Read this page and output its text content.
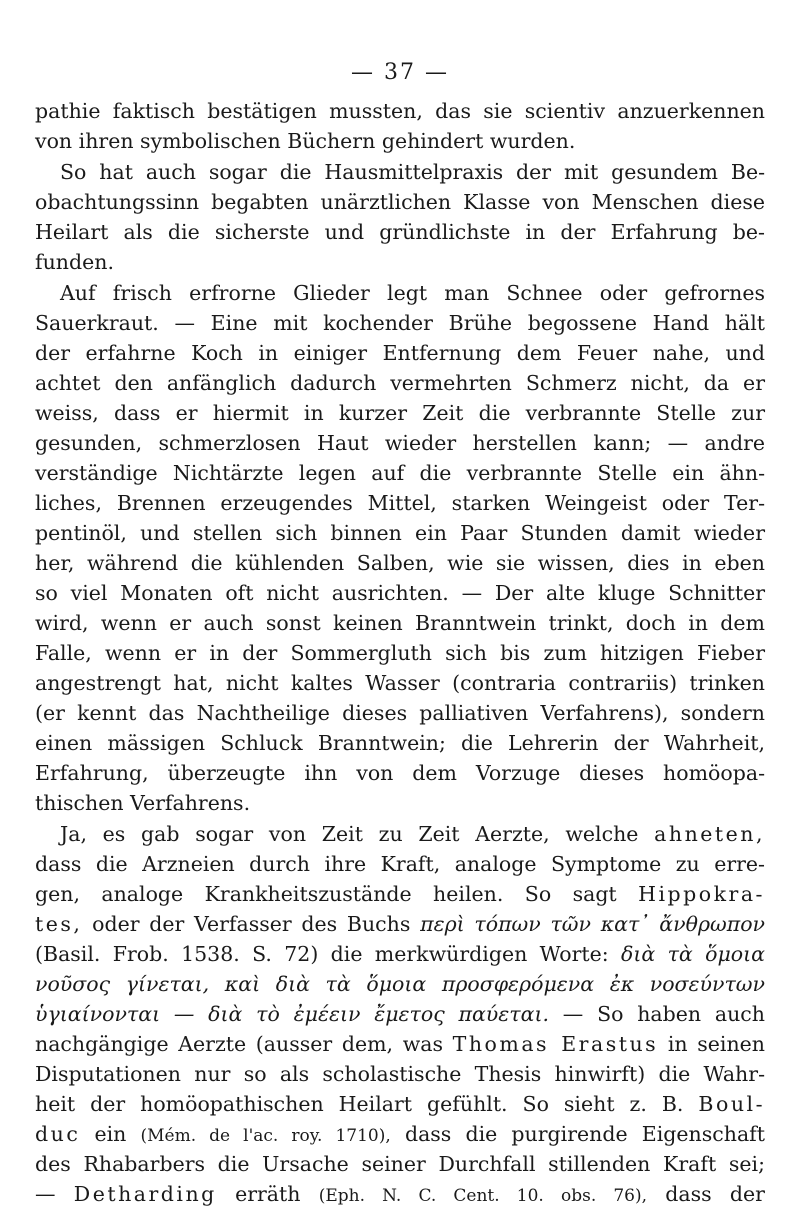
— 37 —
pathie faktisch bestätigen mussten, das sie scientiv anzuerkennen
von ihren symbolischen Büchern gehindert wurden.
So hat auch sogar die Hausmittelpraxis der mit gesundem Be-
obachtungssinn begabten unärztlichen Klasse von Menschen diese
Heilart als die sicherste und gründlichste in der Erfahrung be-
funden.
Auf frisch erfrorne Glieder legt man Schnee oder gefrornes
Sauerkraut. — Eine mit kochender Brühe begossene Hand hält
der erfahrne Koch in einiger Entfernung dem Feuer nahe, und
achtet den anfänglich dadurch vermehrten Schmerz nicht, da er
weiss, dass er hiermit in kurzer Zeit die verbrannte Stelle zur
gesunden, schmerzlosen Haut wieder herstellen kann; — andre
verständige Nichtärzte legen auf die verbrannte Stelle ein ähn-
liches, Brennen erzeugendes Mittel, starken Weingeist oder Ter-
pentinöl, und stellen sich binnen ein Paar Stunden damit wieder
her, während die kühlenden Salben, wie sie wissen, dies in eben
so viel Monaten oft nicht ausrichten. — Der alte kluge Schnitter
wird, wenn er auch sonst keinen Branntwein trinkt, doch in dem
Falle, wenn er in der Sommergluth sich bis zum hitzigen Fieber
angestrengt hat, nicht kaltes Wasser (contraria contrariis) trinken
(er kennt das Nachtheilige dieses palliativen Verfahrens), sondern
einen mässigen Schluck Branntwein; die Lehrerin der Wahrheit,
Erfahrung, überzeugte ihn von dem Vorzuge dieses homöopa-
thischen Verfahrens.
Ja, es gab sogar von Zeit zu Zeit Aerzte, welche ahneten,
dass die Arzneien durch ihre Kraft, analoge Symptome zu erre-
gen, analoge Krankheitszustände heilen. So sagt Hippokra-
tes, oder der Verfasser des Buchs περὶ τόπων τῶν κατ᾽ ἄνθρωπον
(Basil. Frob. 1538. S. 72) die merkwürdigen Worte: διὰ τὰ ὅμοια
νοῦσος γίνεται, καὶ διὰ τὰ ὅμοια προσφερόμενα ἐκ νοσεύντων
ὑγιαίνονται — διὰ τὸ ἐμέειν ἔμετος παύεται. — So haben auch
nachgängige Aerzte (ausser dem, was Thomas Erastus in seinen
Disputationen nur so als scholastische Thesis hinwirft) die Wahr-
heit der homöopathischen Heilart gefühlt. So sieht z. B. Boul-
duc ein (Mém. de l'ac. roy. 1710), dass die purgirende Eigenschaft
des Rhabarbers die Ursache seiner Durchfall stillenden Kraft sei;
— Detharding erräth (Eph. N. C. Cent. 10. obs. 76), dass der
